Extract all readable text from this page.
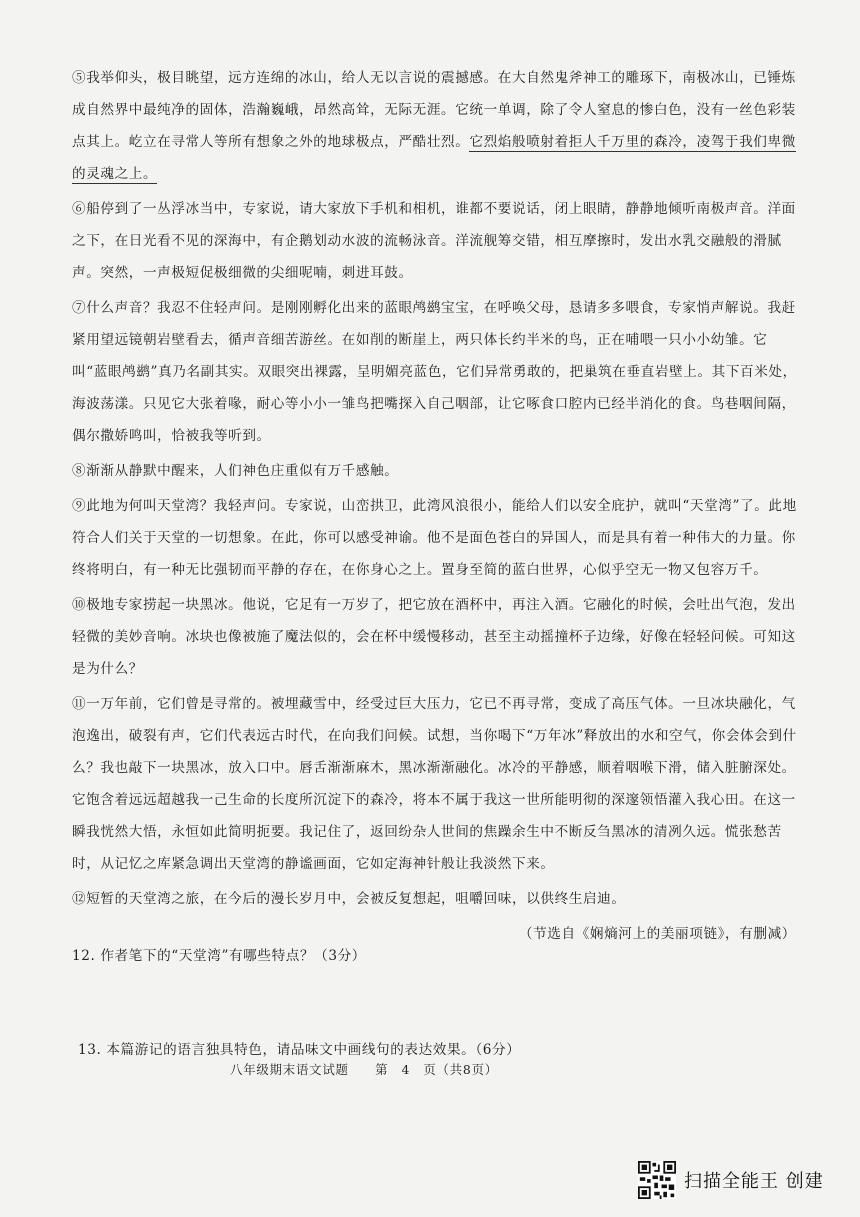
⑤我举仰头，极目眺望，远方连绵的冰山，给人无以言说的震撼感。在大自然鬼斧神工的雕琢下，南极冰山，已锤炼成自然界中最纯净的固体，浩瀚巍峨，昂然高耸，无际无涯。它统一单调，除了令人窒息的惨白色，没有一丝色彩装点其上。屹立在寻常人等所有想象之外的地球极点，严酷壮烈。它烈焰般喷射着拒人千万里的森冷，凌驾于我们卑微的灵魂之上。

⑥船停到了一丛浮冰当中，专家说，请大家放下手机和相机，谁都不要说话，闭上眼睛，静静地倾听南极声音。洋面之下，在日光看不见的深海中，有企鹅划动水波的流畅泳音。洋流舰筹交错，相互摩擦时，发出水乳交融般的滑腻声。突然，一声极短促极细微的尖细呢喃，刺进耳鼓。

⑦什么声音？我忍不住轻声问。是刚刚孵化出来的蓝眼鸬鹚宝宝，在呼唤父母，恳请多多喂食，专家悄声解说。我赶紧用望远镜朝岩壁看去，循声音细苦游丝。在如削的断崖上，两只体长约半米的鸟，正在哺喂一只小小幼雏。它叫“蓝眼鸬鹚”真乃名副其实。双眼突出裸露，呈明媚亮蓝色，它们异常勇敢的，把巢筑在垂直岩壁上。其下百米处，海波荡漾。只见它大张着喙，耐心等小小一雏鸟把嘴探入自己咽部，让它啄食口腔内已经半消化的食。鸟巷咽间隔，偶尔撒娇鸣叫，恰被我等听到。

⑧渐渐从静默中醒来，人们神色庄重似有万千感触。

⑨此地为何叫天堂湾？我轻声问。专家说，山峦拱卫，此湾风浪很小，能给人们以安全庇护，就叫“天堂湾”了。此地符合人们关于天堂的一切想象。在此，你可以感受神谕。他不是面色苍白的异国人，而是具有着一种伟大的力量。你终将明白，有一种无比强韧而平静的存在，在你身心之上。置身至简的蓝白世界，心似乎空无一物又包容万千。

⑩极地专家捞起一块黑冰。他说，它足有一万岁了，把它放在酒杯中，再注入酒。它融化的时候，会吐出气泡，发出轻微的美妙音响。冰块也像被施了魔法似的，会在杯中缓慢移动，甚至主动摇撞杯子边缘，好像在轻轻问候。可知这是为什么？

⑪一万年前，它们曾是寻常的。被埋藏雪中，经受过巨大压力，它已不再寻常，变成了高压气体。一旦冰块融化，气泡逸出，破裂有声，它们代表远古时代，在向我们问候。试想，当你喝下“万年冰”释放出的水和空气，你会体会到什么？我也敲下一块黑冰，放入口中。唇舌渐渐麻木，黑冰渐渐融化。冰冷的平静感，顺着咽喉下滑，储入脏腑深处。它饱含着远远超越我一己生命的长度所沉淀下的森冷，将本不属于我这一世所能明彻的深邃领悟灌入我心田。在这一瞬我恍然大悟，永恒如此简明扼要。我记住了，返回纷杂人世间的焦躁余生中不断反刍黑冰的清冽久远。慌张愁苦时，从记忆之库紧急调出天堂湾的静谧画面，它如定海神针般让我淡然下来。

⑫短暂的天堂湾之旅，在今后的漫长岁月中，会被反复想起，咀嚼回味，以供终生启迪。

（节选自《娴熵河上的美丽项链》，有删减）
12. 作者笔下的“天堂湾”有哪些特点？（3分）
13. 本篇游记的语言独具特色，请品味文中画线句的表达效果。（6分）
八年级期末语文试题　　第　4　页（共8页）
扫描全能王 创建
